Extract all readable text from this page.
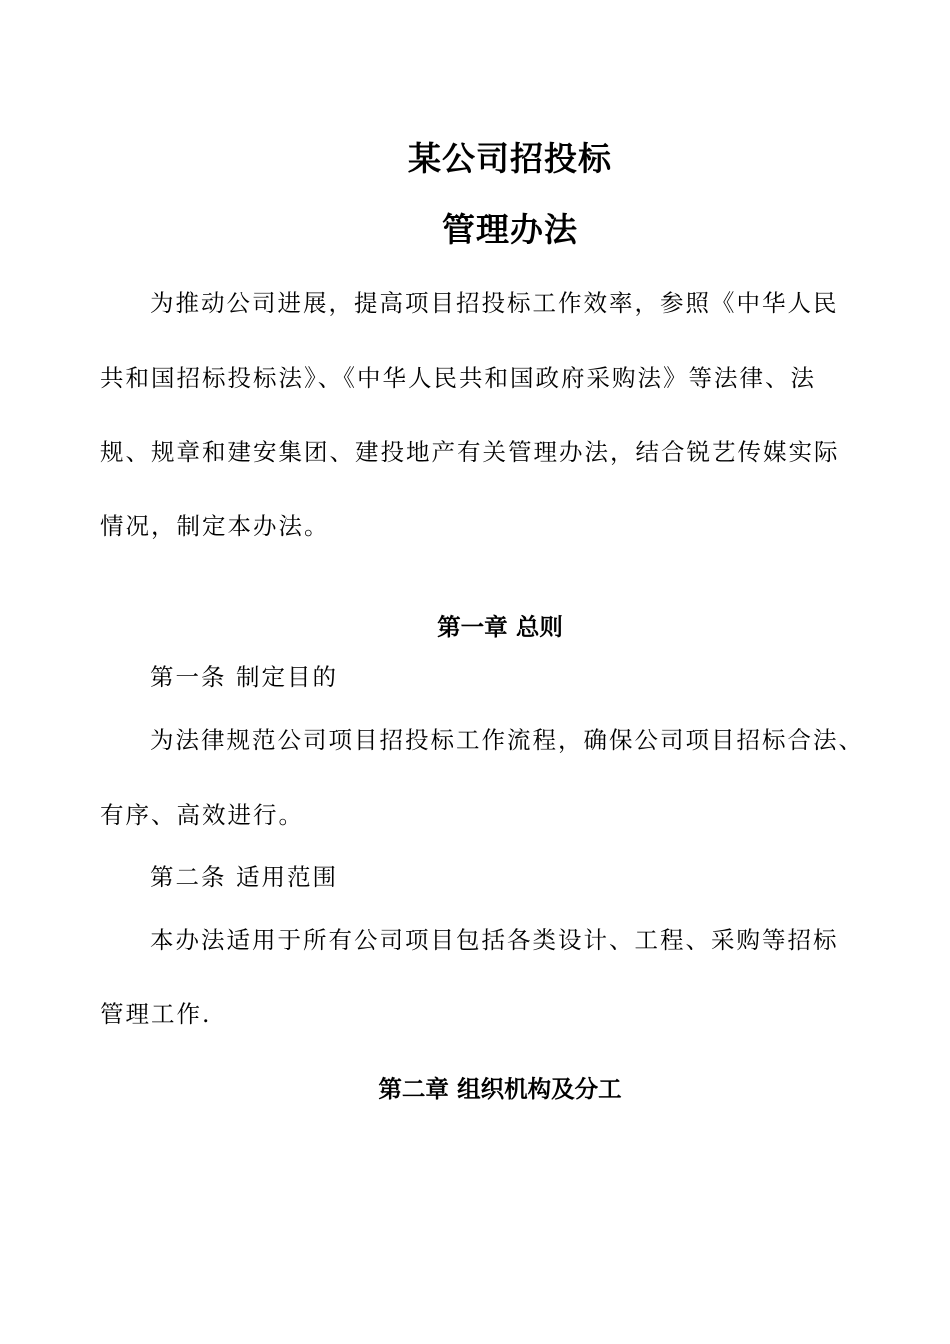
某公司招投标
管理办法

为推动公司进展，提高项目招投标工作效率，参照《中华人民

共和国招标投标法》、《中华人民共和国政府采购法》等法律、法

规、规章和建安集团、建投地产有关管理办法，结合锐艺传媒实际

情况，制定本办法。

第一章 总则

第一条 制定目的

为法律规范公司项目招投标工作流程，确保公司项目招标合法、

有序、高效进行。

第二条 适用范围

本办法适用于所有公司项目包括各类设计、工程、采购等招标

管理工作.

第二章 组织机构及分工
